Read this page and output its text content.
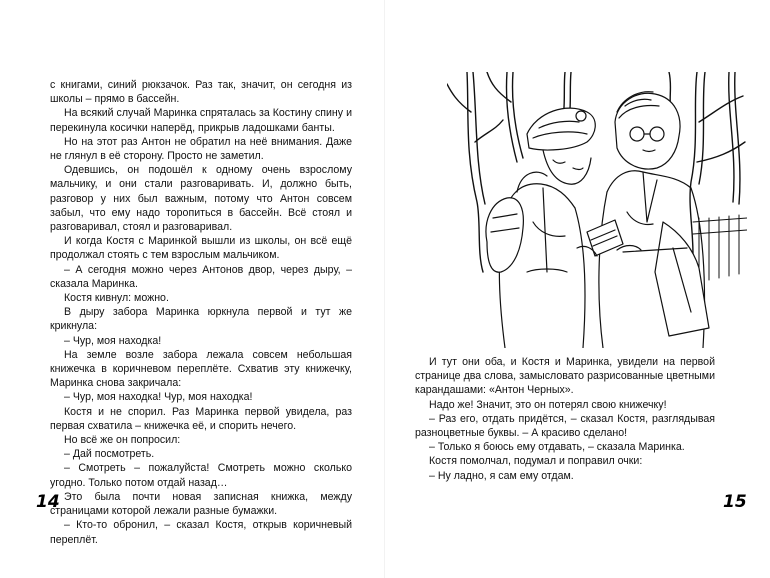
с книгами, синий рюкзачок. Раз так, значит, он сегодня из школы – прямо в бассейн.

На всякий случай Маринка спряталась за Костину спину и перекинула косички наперёд, прикрыв ладошками банты.

Но на этот раз Антон не обратил на неё внимания. Даже не глянул в её сторону. Просто не заметил.

Одевшись, он подошёл к одному очень взрослому мальчику, и они стали разговаривать. И, должно быть, разговор у них был важным, потому что Антон совсем забыл, что ему надо торопиться в бассейн. Всё стоял и разговаривал, стоял и разговаривал.

И когда Костя с Маринкой вышли из школы, он всё ещё продолжал стоять с тем взрослым мальчиком.

– А сегодня можно через Антонов двор, через дыру, – сказала Маринка.

Костя кивнул: можно.

В дыру забора Маринка юркнула первой и тут же крикнула:

– Чур, моя находка!

На земле возле забора лежала совсем небольшая книжечка в коричневом переплёте. Схватив эту книжечку, Маринка снова закричала:

– Чур, моя находка! Чур, моя находка!

Костя и не спорил. Раз Маринка первой увидела, раз первая схватила – книжечка её, и спорить нечего.

Но всё же он попросил:

– Дай посмотреть.

– Смотреть – пожалуйста! Смотреть можно сколько угодно. Только потом отдай назад…

Это была почти новая записная книжка, между страницами которой лежали разные бумажки.

– Кто-то обронил, – сказал Костя, открыв коричневый переплёт.

14

И тут они оба, и Костя и Маринка, увидели на первой странице два слова, замысловато разрисованные цветными карандашами: «Антон Черных».

Надо же! Значит, это он потерял свою книжечку!

– Раз его, отдать придётся, – сказал Костя, разглядывая разноцветные буквы. – А красиво сделано!

– Только я боюсь ему отдавать, – сказала Маринка.

Костя помолчал, подумал и поправил очки:

– Ну ладно, я сам ему отдам.

15
